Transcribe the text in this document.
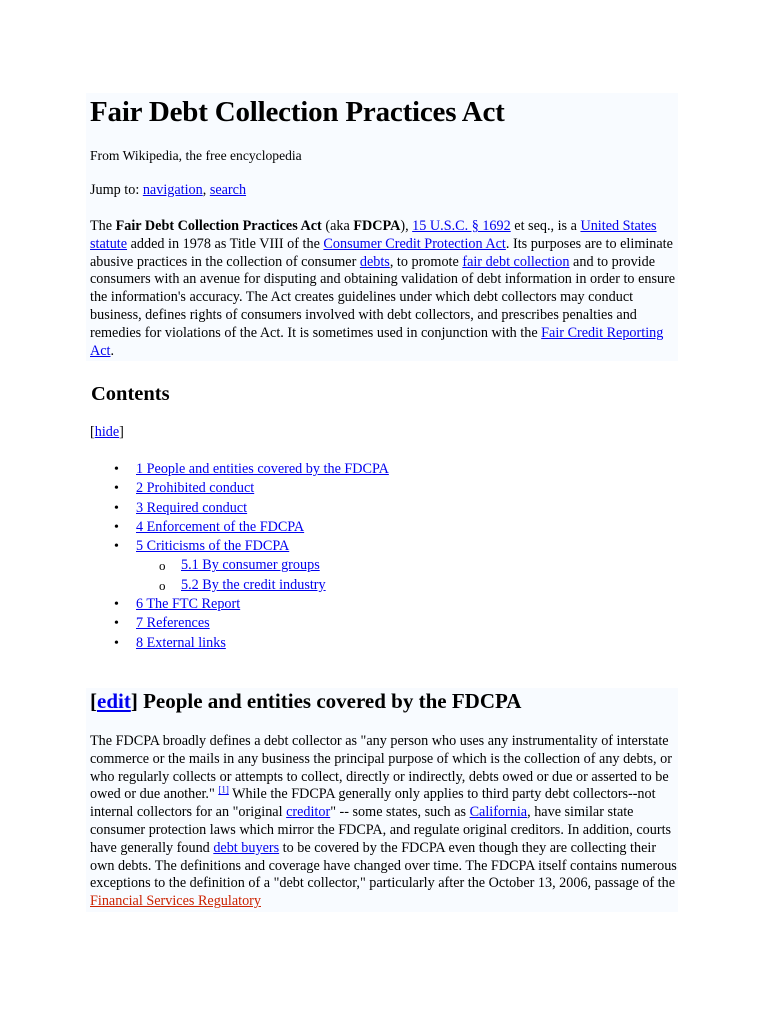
Fair Debt Collection Practices Act

From Wikipedia, the free encyclopedia

Jump to: navigation, search

The Fair Debt Collection Practices Act (aka FDCPA), 15 U.S.C. § 1692 et seq., is a United States statute added in 1978 as Title VIII of the Consumer Credit Protection Act. Its purposes are to eliminate abusive practices in the collection of consumer debts, to promote fair debt collection and to provide consumers with an avenue for disputing and obtaining validation of debt information in order to ensure the information's accuracy. The Act creates guidelines under which debt collectors may conduct business, defines rights of consumers involved with debt collectors, and prescribes penalties and remedies for violations of the Act. It is sometimes used in conjunction with the Fair Credit Reporting Act.

Contents

[hide]

• 1 People and entities covered by the FDCPA
• 2 Prohibited conduct
• 3 Required conduct
• 4 Enforcement of the FDCPA
• 5 Criticisms of the FDCPA
o 5.1 By consumer groups
o 5.2 By the credit industry
• 6 The FTC Report
• 7 References
• 8 External links
[edit] People and entities covered by the FDCPA

The FDCPA broadly defines a debt collector as "any person who uses any instrumentality of interstate commerce or the mails in any business the principal purpose of which is the collection of any debts, or who regularly collects or attempts to collect, directly or indirectly, debts owed or due or asserted to be owed or due another." [1] While the FDCPA generally only applies to third party debt collectors--not internal collectors for an "original creditor" -- some states, such as California, have similar state consumer protection laws which mirror the FDCPA, and regulate original creditors. In addition, courts have generally found debt buyers to be covered by the FDCPA even though they are collecting their own debts. The definitions and coverage have changed over time. The FDCPA itself contains numerous exceptions to the definition of a "debt collector," particularly after the October 13, 2006, passage of the Financial Services Regulatory
